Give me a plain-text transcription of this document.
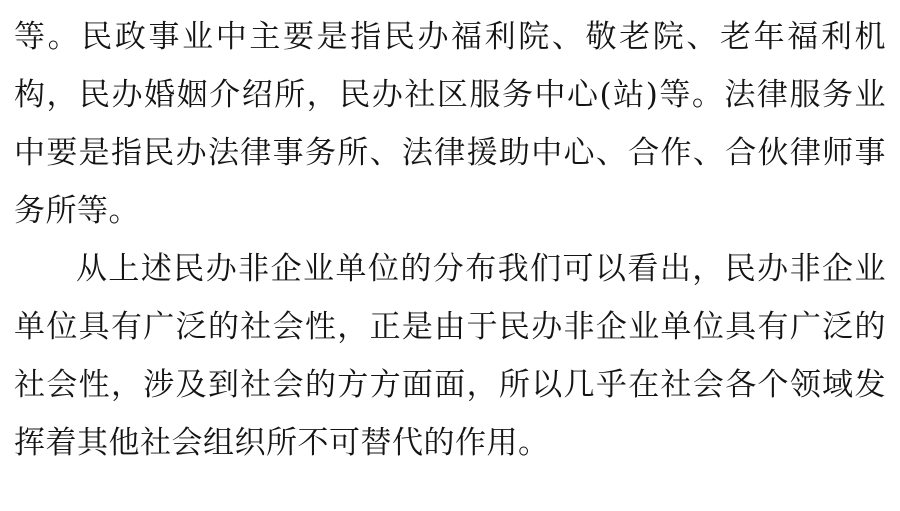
等。民政事业中主要是指民办福利院、敬老院、老年福利机构，民办婚姻介绍所，民办社区服务中心(站)等。法律服务业中要是指民办法律事务所、法律援助中心、合作、合伙律师事务所等。

从上述民办非企业单位的分布我们可以看出，民办非企业单位具有广泛的社会性，正是由于民办非企业单位具有广泛的社会性，涉及到社会的方方面面，所以几乎在社会各个领域发挥着其他社会组织所不可替代的作用。
